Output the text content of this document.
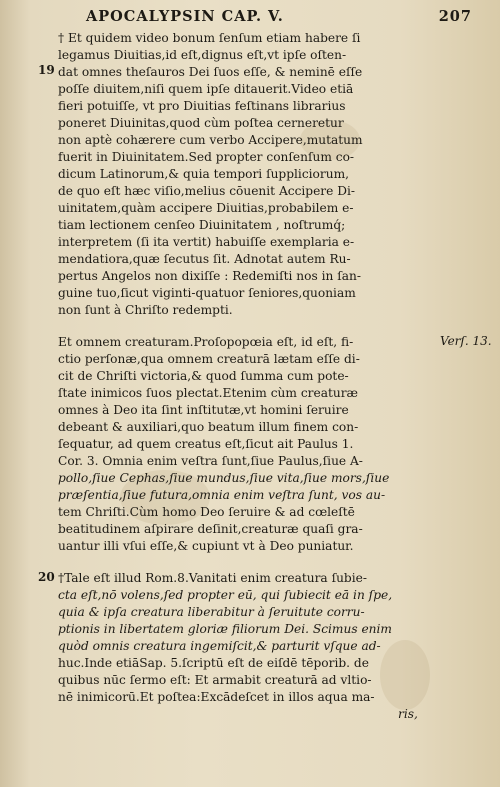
APOCALYPSIN CAP. V.	207
19
20
Verſ. 13.
† Et quidem video bonum ſenſum etiam habere ſi
legamus Diuitias,id eſt,dignus eſt,vt ipſe oſten-
dat omnes theſauros Dei ſuos eſſe, & neminē eſſe
poſſe diuitem,niſi quem ipſe ditauerit.Video etiā
fieri potuiſſe, vt pro Diuitias feſtinans librarius
poneret Diuinitas,quod cùm poſtea cerneretur
non aptè cohærere cum verbo Accipere,mutatum
fuerit in Diuinitatem.Sed propter conſenſum co-
dicum Latinorum,& quia tempori ſuppliciorum,
de quo eſt hæc viſio,melius cōuenit Accipere Di-
uinitatem,quàm accipere Diuitias,probabilem e-
tiam lectionem cenſeo Diuinitatem , noſtrumq́;
interpretem (ſi ita vertit) habuiſſe exemplaria e-
mendatiora,quæ ſecutus ſit. Adnotat autem Ru-
pertus Angelos non dixiſſe : Redemiſti nos in ſan-
guine tuo,ſicut viginti-quatuor ſeniores,quoniam
non ſunt à Chriſto redempti.
Et omnem creaturam.Proſopopœia eſt, id eſt, fi-
ctio perſonæ,qua omnem creaturā lætam eſſe di-
cit de Chriſti victoria,& quod ſumma cum pote-
ſtate inimicos ſuos plectat.Etenim cùm creaturæ
omnes à Deo ita ſint inſtitutæ,vt homini ſeruire
debeant & auxiliari,quo beatum illum finem con-
ſequatur, ad quem creatus eſt,ſicut ait Paulus 1.
Cor. 3. Omnia enim veſtra ſunt,ſiue Paulus,ſiue A-
pollo,ſiue Cephas,ſiue mundus,ſiue vita,ſiue mors,ſiue
præſentia,ſiue futura,omnia enim veſtra ſunt, vos au-
tem Chriſti.Cùm homo Deo ſeruire & ad cœleſtē
beatitudinem aſpirare deſinit,creaturæ quaſi gra-
uantur illi vſui eſſe,& cupiunt vt à Deo puniatur.
†Tale eſt illud Rom.8.Vanitati enim creatura ſubie-
cta eſt,nō volens,ſed propter eū, qui ſubiecit eā in ſpe,
quia & ipſa creatura liberabitur à ſeruitute corru-
ptionis in libertatem gloriæ filiorum Dei. Scimus enim
quòd omnis creatura ingemiſcit,& parturit vſque ad-
huc.Inde etiāSap. 5.ſcriptū eſt de eiſdē tēporib. de
quibus nūc ſermo eſt: Et armabit creaturā ad vltio-
nē inimicorū.Et poſtea:Excādeſcet in illos aqua ma-
ris,
